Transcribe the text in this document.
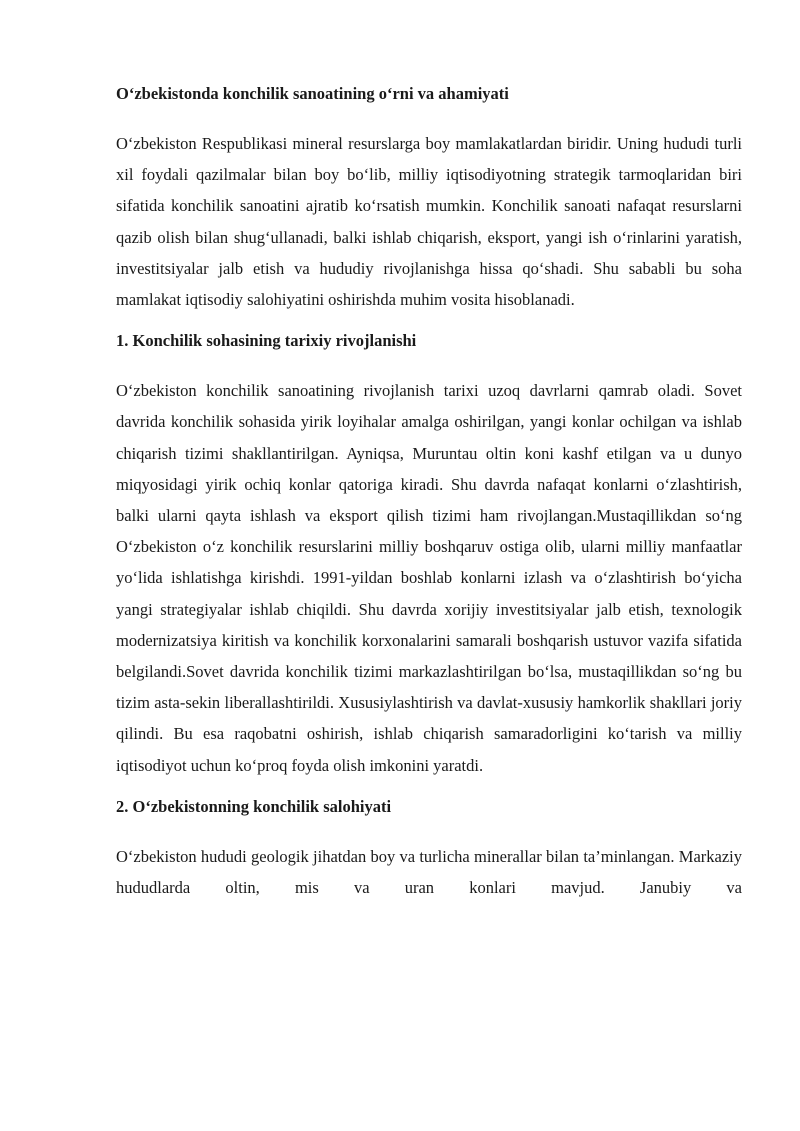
O‘zbekistonda konchilik sanoatining o‘rni va ahamiyati

O‘zbekiston Respublikasi mineral resurslarga boy mamlakatlardan biridir. Uning hududi turli xil foydali qazilmalar bilan boy bo‘lib, milliy iqtisodiyotning strategik tarmoqlaridan biri sifatida konchilik sanoatini ajratib ko‘rsatish mumkin. Konchilik sanoati nafaqat resurslarni qazib olish bilan shug‘ullanadi, balki ishlab chiqarish, eksport, yangi ish o‘rinlarini yaratish, investitsiyalar jalb etish va hududiy rivojlanishga hissa qo‘shadi. Shu sababli bu soha mamlakat iqtisodiy salohiyatini oshirishda muhim vosita hisoblanadi.

1. Konchilik sohasining tarixiy rivojlanishi

O‘zbekiston konchilik sanoatining rivojlanish tarixi uzoq davrlarni qamrab oladi. Sovet davrida konchilik sohasida yirik loyihalar amalga oshirilgan, yangi konlar ochilgan va ishlab chiqarish tizimi shakllantirilgan. Ayniqsa, Muruntau oltin koni kashf etilgan va u dunyo miqyosidagi yirik ochiq konlar qatoriga kiradi. Shu davrda nafaqat konlarni o‘zlashtirish, balki ularni qayta ishlash va eksport qilish tizimi ham rivojlangan.Mustaqillikdan so‘ng O‘zbekiston o‘z konchilik resurslarini milliy boshqaruv ostiga olib, ularni milliy manfaatlar yo‘lida ishlatishga kirishdi. 1991-yildan boshlab konlarni izlash va o‘zlashtirish bo‘yicha yangi strategiyalar ishlab chiqildi. Shu davrda xorijiy investitsiyalar jalb etish, texnologik modernizatsiya kiritish va konchilik korxonalarini samarali boshqarish ustuvor vazifa sifatida belgilandi.Sovet davrida konchilik tizimi markazlashtirilgan bo‘lsa, mustaqillikdan so‘ng bu tizim asta-sekin liberallashtirildi. Xususiylashtirish va davlat-xususiy hamkorlik shakllari joriy qilindi. Bu esa raqobatni oshirish, ishlab chiqarish samaradorligini ko‘tarish va milliy iqtisodiyot uchun ko‘proq foyda olish imkonini yaratdi.

2. O‘zbekistonning konchilik salohiyati

O‘zbekiston hududi geologik jihatdan boy va turlicha minerallar bilan ta’minlangan. Markaziy hududlarda oltin, mis va uran konlari mavjud. Janubiy va
